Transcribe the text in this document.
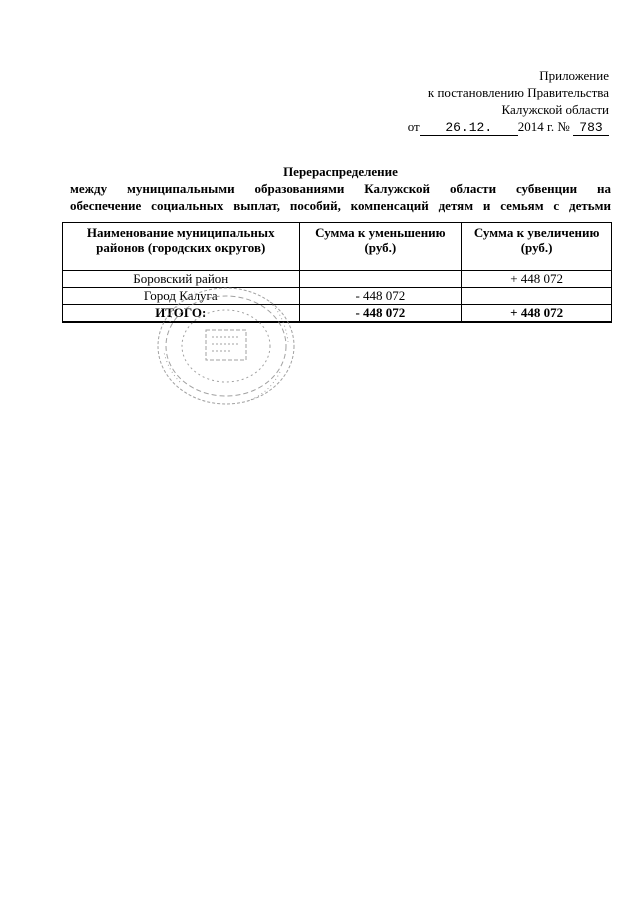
Приложение
к постановлению Правительства
Калужской области
от 26.12. 2014 г. № 783
Перераспределение
между муниципальными образованиями Калужской области субвенции на
обеспечение социальных выплат, пособий, компенсаций детям и семьям с детьми
Наименование муниципальных районов (городских округов)	Сумма к уменьшению (руб.)	Сумма к увеличению (руб.)
Боровский район		+ 448 072
Город Калуга	- 448 072	
ИТОГО:	- 448 072	+ 448 072
